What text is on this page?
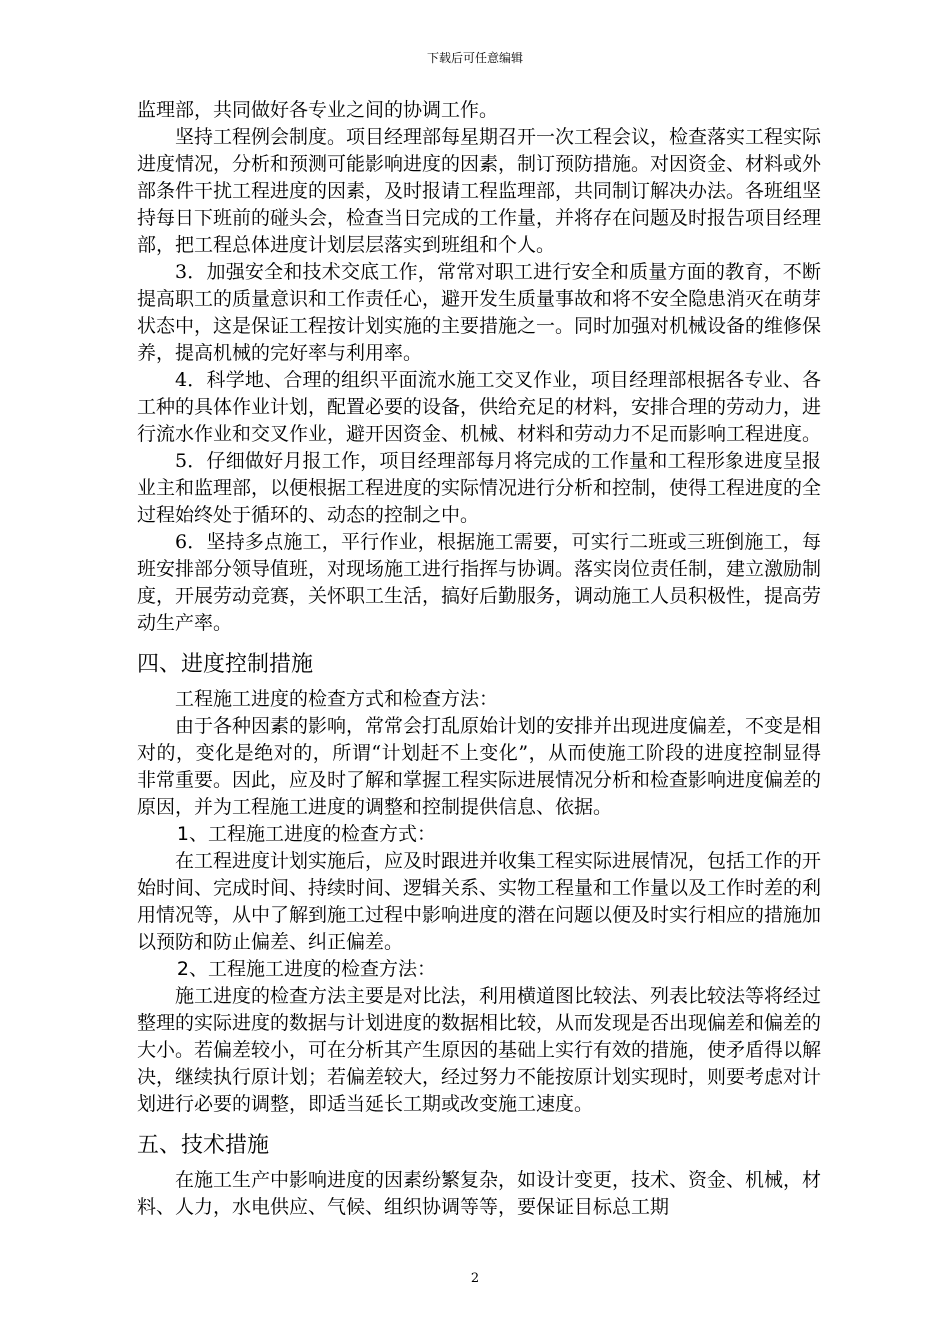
下载后可任意编辑

监理部，共同做好各专业之间的协调工作。

坚持工程例会制度。项目经理部每星期召开一次工程会议，检查落实工程实际进度情况，分析和预测可能影响进度的因素，制订预防措施。对因资金、材料或外部条件干扰工程进度的因素，及时报请工程监理部，共同制订解决办法。各班组坚持每日下班前的碰头会，检查当日完成的工作量，并将存在问题及时报告项目经理部，把工程总体进度计划层层落实到班组和个人。

3．加强安全和技术交底工作，常常对职工进行安全和质量方面的教育，不断提高职工的质量意识和工作责任心，避开发生质量事故和将不安全隐患消灭在萌芽状态中，这是保证工程按计划实施的主要措施之一。同时加强对机械设备的维修保养，提高机械的完好率与利用率。

4．科学地、合理的组织平面流水施工交叉作业，项目经理部根据各专业、各工种的具体作业计划，配置必要的设备，供给充足的材料，安排合理的劳动力，进行流水作业和交叉作业，避开因资金、机械、材料和劳动力不足而影响工程进度。

5．仔细做好月报工作，项目经理部每月将完成的工作量和工程形象进度呈报业主和监理部，以便根据工程进度的实际情况进行分析和控制，使得工程进度的全过程始终处于循环的、动态的控制之中。

6．坚持多点施工，平行作业，根据施工需要，可实行二班或三班倒施工，每班安排部分领导值班，对现场施工进行指挥与协调。落实岗位责任制，建立激励制度，开展劳动竞赛，关怀职工生活，搞好后勤服务，调动施工人员积极性，提高劳动生产率。

四、进度控制措施

工程施工进度的检查方式和检查方法：

由于各种因素的影响，常常会打乱原始计划的安排并出现进度偏差，不变是相对的，变化是绝对的，所谓“计划赶不上变化”，从而使施工阶段的进度控制显得非常重要。因此，应及时了解和掌握工程实际进展情况分析和检查影响进度偏差的原因，并为工程施工进度的调整和控制提供信息、依据。

1、工程施工进度的检查方式：

在工程进度计划实施后，应及时跟进并收集工程实际进展情况，包括工作的开始时间、完成时间、持续时间、逻辑关系、实物工程量和工作量以及工作时差的利用情况等，从中了解到施工过程中影响进度的潜在问题以便及时实行相应的措施加以预防和防止偏差、纠正偏差。

2、工程施工进度的检查方法：

施工进度的检查方法主要是对比法，利用横道图比较法、列表比较法等将经过整理的实际进度的数据与计划进度的数据相比较，从而发现是否出现偏差和偏差的大小。若偏差较小，可在分析其产生原因的基础上实行有效的措施，使矛盾得以解决，继续执行原计划；若偏差较大，经过努力不能按原计划实现时，则要考虑对计划进行必要的调整，即适当延长工期或改变施工速度。

五、技术措施

在施工生产中影响进度的因素纷繁复杂，如设计变更，技术、资金、机械，材料、人力，水电供应、气候、组织协调等等，要保证目标总工期

2
